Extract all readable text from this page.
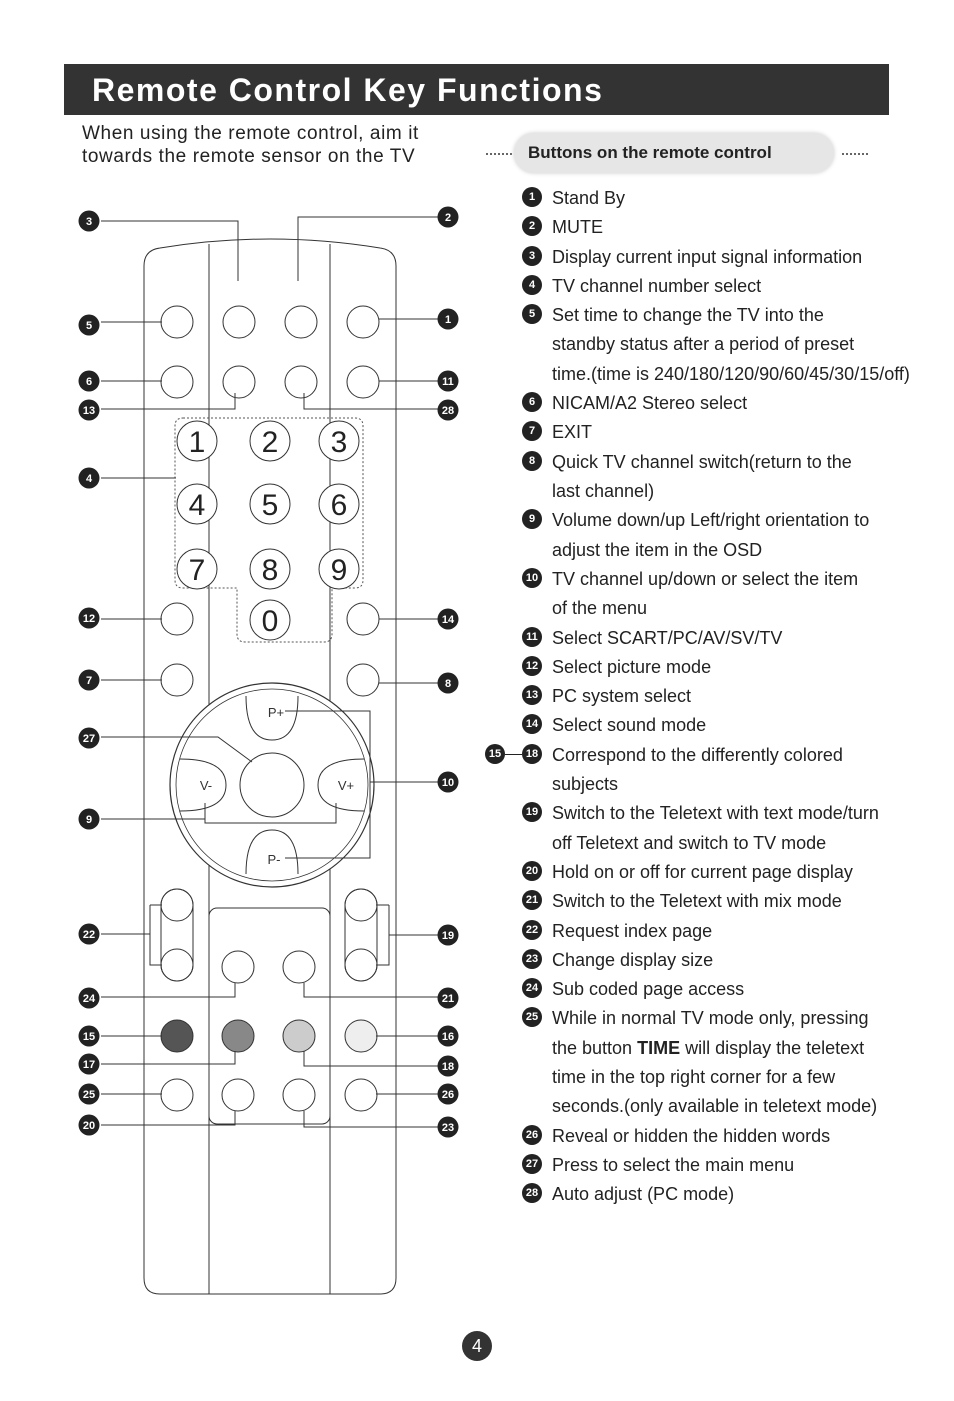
Remote Control Key Functions
When using the remote control, aim it
towards the remote sensor on the TV	Buttons on the remote control
1 Stand By
2 MUTE
3 Display current input signal information
4 TV channel number select
5 Set time to change the TV into the
standby status after a period of preset
time.(time is 240/180/120/90/60/45/30/15/off)
6 NICAM/A2 Stereo select
7 EXIT
8 Quick TV channel switch(return to the
last channel)
9 Volume down/up Left/right orientation to
adjust the item in the OSD
10 TV channel up/down or select the item
of the menu
11 Select SCART/PC/AV/SV/TV
12 Select picture mode
13 PC system select
14 Select sound mode
18
15	Correspond to the differently colored
subjects
19 Switch to the Teletext with text mode/turn
off Teletext and switch to TV mode
20 Hold on or off for current page display
21 Switch to the Teletext with mix mode
22 Request index page
23 Change display size
24 Sub coded page access
25 While in normal TV mode only, pressing
the button TIME will display the teletext
time in the top right corner for a few
seconds.(only available in teletext mode)
26 Reveal or hidden the hidden words
27 Press to select the main menu
28 Auto adjust (PC mode)
1 2 3
4 5 6
7 8 9
0
P+
P-
V-	V+
3
5
6
13
4
12
7
27
9
22
24
15
17
25
20
2
1
11
28
14
8
10
19
21
16
18
26
23
4
